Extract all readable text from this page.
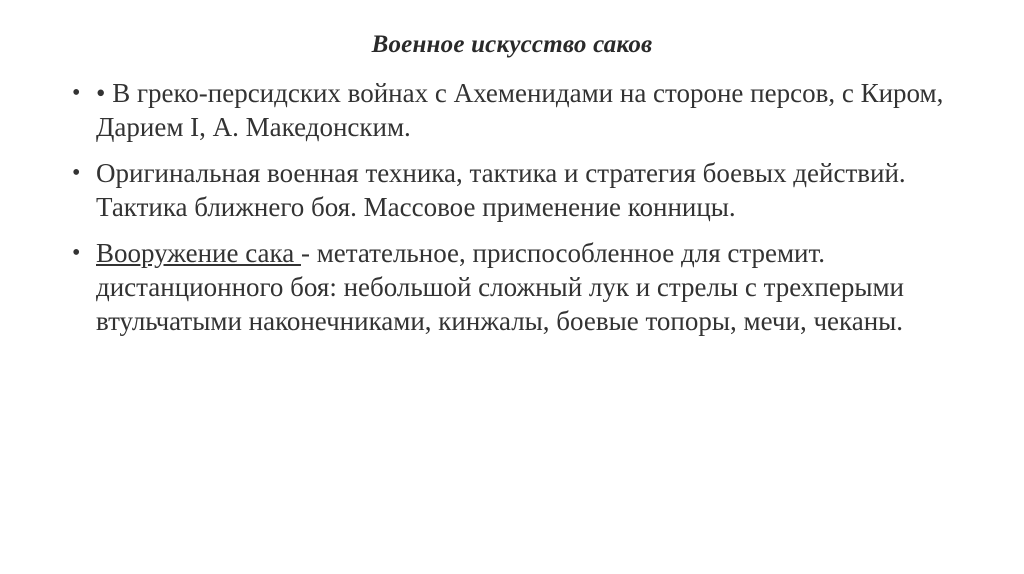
Военное искусство саков
• • В греко-персидских войнах с Ахеменидами на стороне персов, с Киром, Дарием I, А. Македонским.
• Оригинальная военная техника, тактика и стратегия боевых действий. Тактика ближнего боя. Массовое применение конницы.
• Вооружение сака - метательное, приспособленное для стремит. дистанционного боя: небольшой сложный лук и стрелы с трехперыми втульчатыми наконечниками, кинжалы, боевые топоры, мечи, чеканы.
